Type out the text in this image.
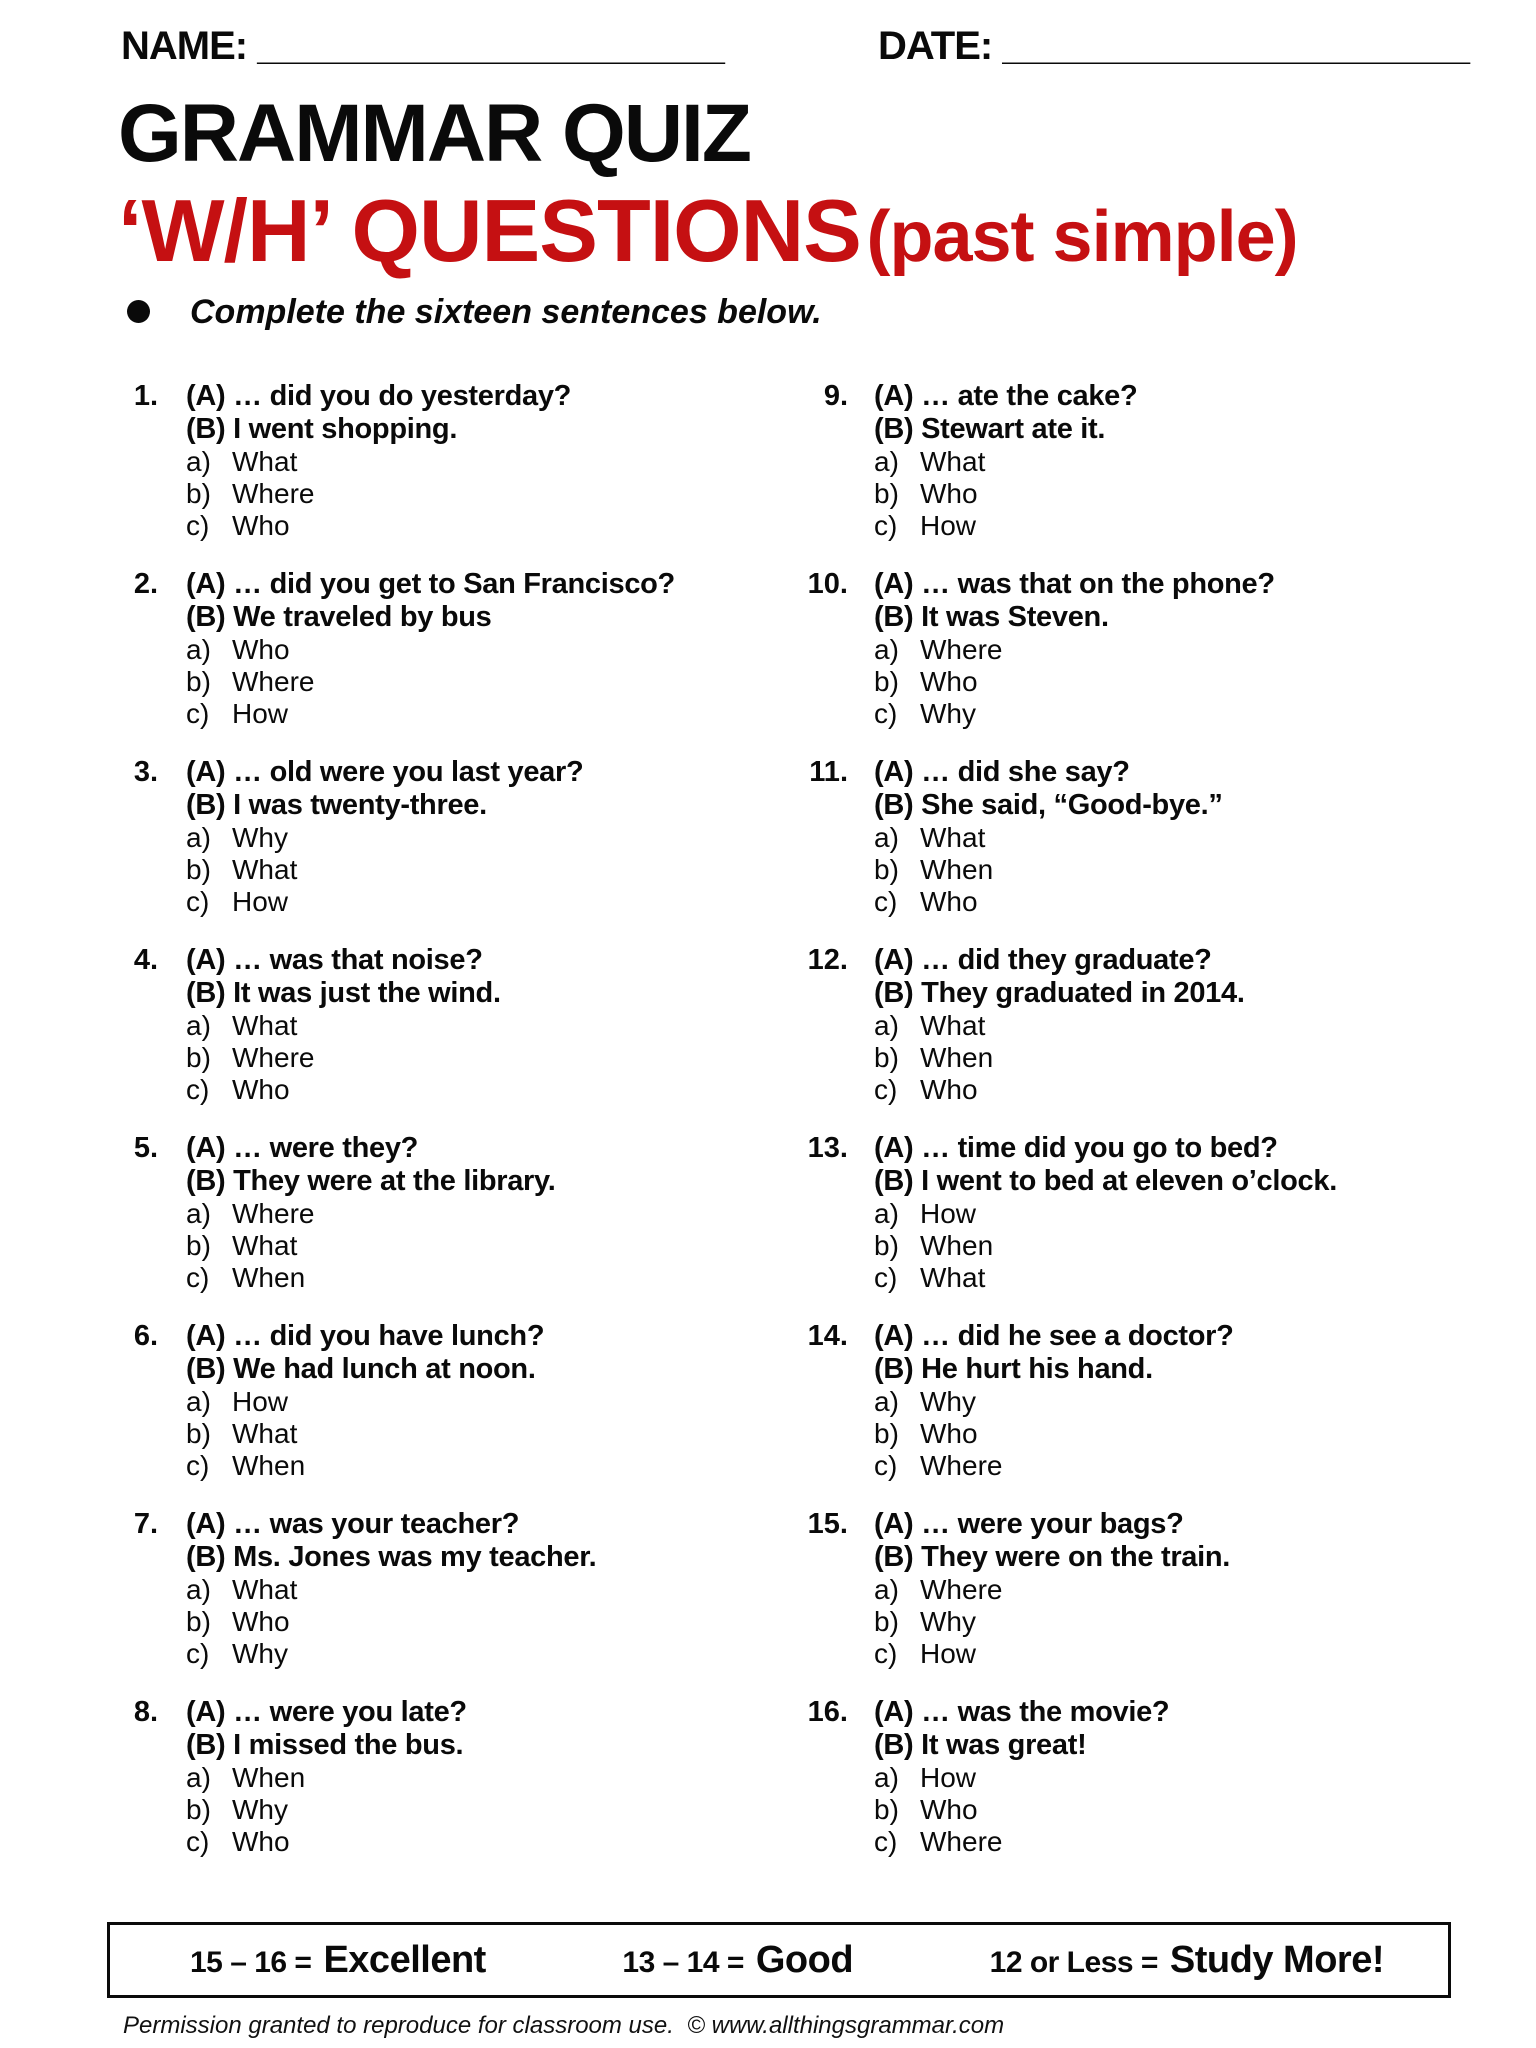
NAME: _______________________	DATE: _______________________
GRAMMAR QUIZ
‘W/H’ QUESTIONS (past simple)
Complete the sixteen sentences below.
1. (A) … did you do yesterday?
(B) I went shopping.
a) What
b) Where
c) Who
2. (A) … did you get to San Francisco?
(B) We traveled by bus
a) Who
b) Where
c) How
3. (A) … old were you last year?
(B) I was twenty-three.
a) Why
b) What
c) How
4. (A) … was that noise?
(B) It was just the wind.
a) What
b) Where
c) Who
5. (A) … were they?
(B) They were at the library.
a) Where
b) What
c) When
6. (A) … did you have lunch?
(B) We had lunch at noon.
a) How
b) What
c) When
7. (A) … was your teacher?
(B) Ms. Jones was my teacher.
a) What
b) Who
c) Why
8. (A) … were you late?
(B) I missed the bus.
a) When
b) Why
c) Who
9. (A) … ate the cake?
(B) Stewart ate it.
a) What
b) Who
c) How
10. (A) … was that on the phone?
(B) It was Steven.
a) Where
b) Who
c) Why
11. (A) … did she say?
(B) She said, “Good-bye.”
a) What
b) When
c) Who
12. (A) … did they graduate?
(B) They graduated in 2014.
a) What
b) When
c) Who
13. (A) … time did you go to bed?
(B) I went to bed at eleven o’clock.
a) How
b) When
c) What
14. (A) … did he see a doctor?
(B) He hurt his hand.
a) Why
b) Who
c) Where
15. (A) … were your bags?
(B) They were on the train.
a) Where
b) Why
c) How
16. (A) … was the movie?
(B) It was great!
a) How
b) Who
c) Where
15 – 16 = Excellent	13 – 14 = Good	12 or Less = Study More!
Permission granted to reproduce for classroom use.  © www.allthingsgrammar.com
